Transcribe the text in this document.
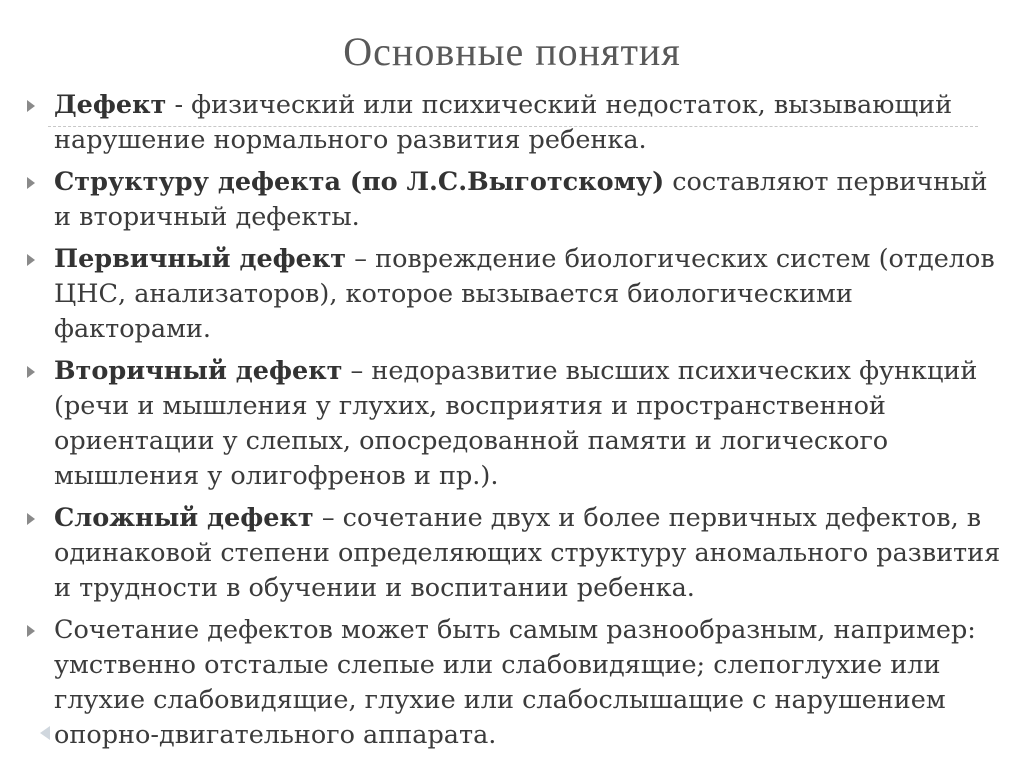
Основные понятия
Дефект - физический или психический недостаток, вызывающий нарушение нормального развития ребенка.
Структуру дефекта (по Л.С.Выготскому) составляют первичный и вторичный дефекты.
Первичный дефект – повреждение биологических систем (отделов ЦНС, анализаторов), которое вызывается биологическими факторами.
Вторичный дефект – недоразвитие высших психических функций (речи и мышления у глухих, восприятия и пространственной ориентации у слепых, опосредованной памяти и логического мышления у олигофренов и пр.).
Сложный дефект – сочетание двух и более первичных дефектов, в одинаковой степени определяющих структуру аномального развития и трудности в обучении и воспитании ребенка.
Сочетание дефектов может быть самым разнообразным, например: умственно отсталые слепые или слабовидящие; слепоглухие или глухие слабовидящие, глухие или слабослышащие с нарушением опорно-двигательного аппарата.
